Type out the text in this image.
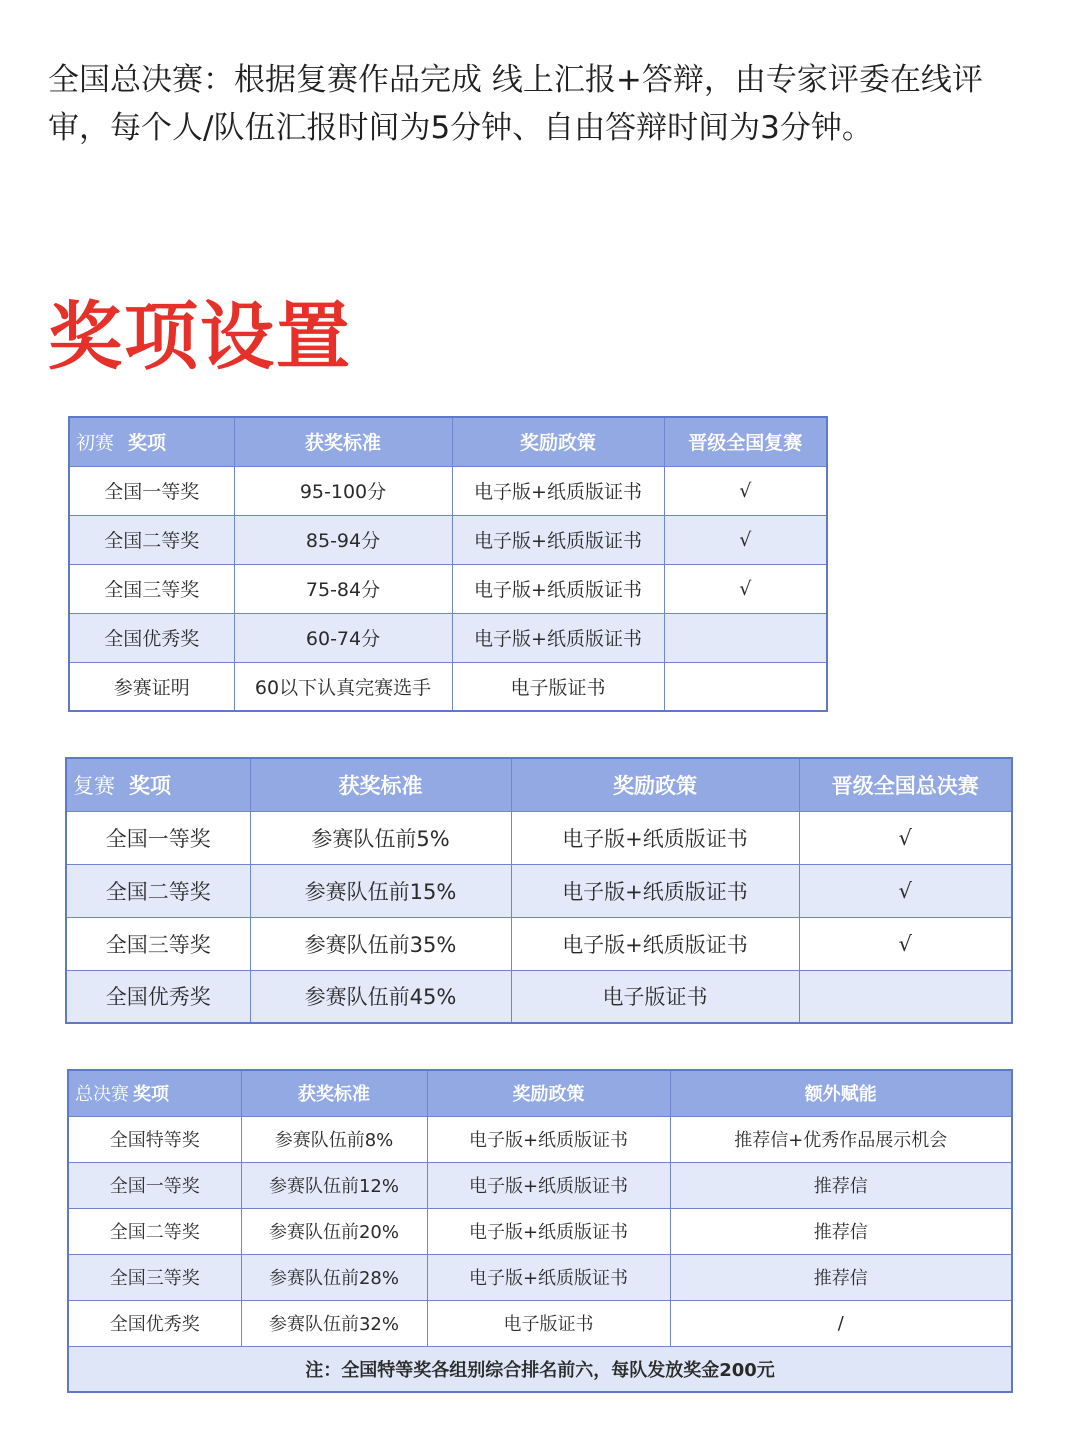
全国总决赛：根据复赛作品完成 线上汇报+答辩，由专家评委在线评审，每个人/队伍汇报时间为5分钟、自由答辩时间为3分钟。

奖项设置
初赛 奖项	获奖标准	奖励政策	晋级全国复赛
全国一等奖	95-100分	电子版+纸质版证书	√
全国二等奖	85-94分	电子版+纸质版证书	√
全国三等奖	75-84分	电子版+纸质版证书	√
全国优秀奖	60-74分	电子版+纸质版证书	
参赛证明	60以下认真完赛选手	电子版证书	
复赛 奖项	获奖标准	奖励政策	晋级全国总决赛
全国一等奖	参赛队伍前5%	电子版+纸质版证书	√
全国二等奖	参赛队伍前15%	电子版+纸质版证书	√
全国三等奖	参赛队伍前35%	电子版+纸质版证书	√
全国优秀奖	参赛队伍前45%	电子版证书	
总决赛 奖项	获奖标准	奖励政策	额外赋能
全国特等奖	参赛队伍前8%	电子版+纸质版证书	推荐信+优秀作品展示机会
全国一等奖	参赛队伍前12%	电子版+纸质版证书	推荐信
全国二等奖	参赛队伍前20%	电子版+纸质版证书	推荐信
全国三等奖	参赛队伍前28%	电子版+纸质版证书	推荐信
全国优秀奖	参赛队伍前32%	电子版证书	/
注：全国特等奖各组别综合排名前六，每队发放奖金200元			
